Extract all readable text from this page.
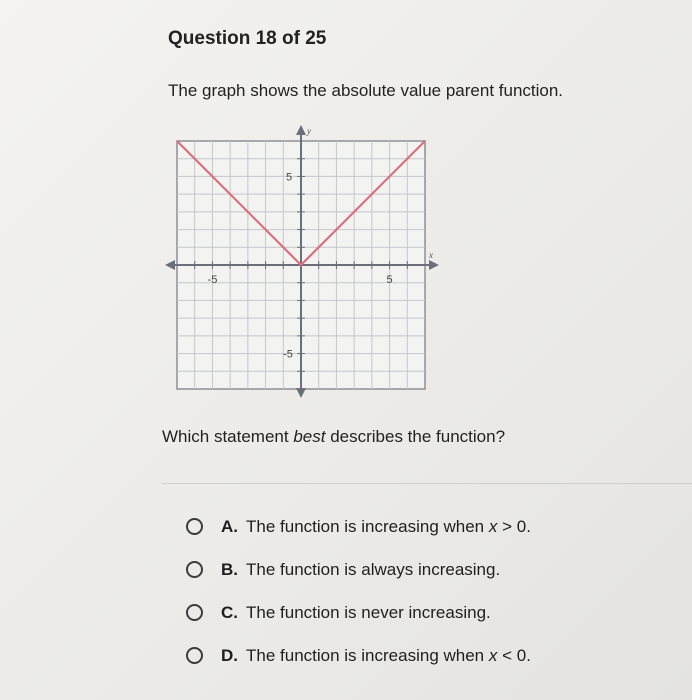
Question 18 of 25
The graph shows the absolute value parent function.
y
x
-5	5
5
-5
Which statement best describes the function?
A. The function is increasing when x > 0.
B. The function is always increasing.
C. The function is never increasing.
D. The function is increasing when x < 0.
